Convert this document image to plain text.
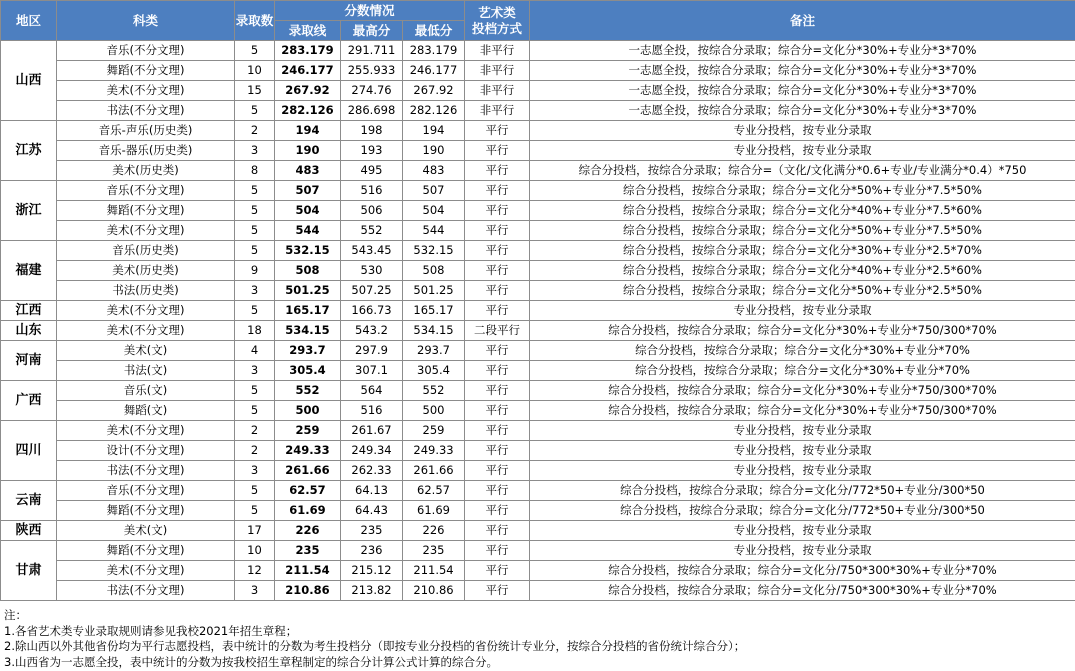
地区	科类	录取数	分数情况			艺术类
投档方式	备注
			录取线	最高分	最低分		
山西	音乐(不分文理)	5	283.179	291.711	283.179	非平行	一志愿全投，按综合分录取；综合分=文化分*30%+专业分*3*70%
	舞蹈(不分文理)	10	246.177	255.933	246.177	非平行	一志愿全投，按综合分录取；综合分=文化分*30%+专业分*3*70%
	美术(不分文理)	15	267.92	274.76	267.92	非平行	一志愿全投，按综合分录取；综合分=文化分*30%+专业分*3*70%
	书法(不分文理)	5	282.126	286.698	282.126	非平行	一志愿全投，按综合分录取；综合分=文化分*30%+专业分*3*70%
江苏	音乐-声乐(历史类)	2	194	198	194	平行	专业分投档，按专业分录取
	音乐-器乐(历史类)	3	190	193	190	平行	专业分投档，按专业分录取
	美术(历史类)	8	483	495	483	平行	综合分投档，按综合分录取；综合分=（文化/文化满分*0.6+专业/专业满分*0.4）*750
浙江	音乐(不分文理)	5	507	516	507	平行	综合分投档，按综合分录取；综合分=文化分*50%+专业分*7.5*50%
	舞蹈(不分文理)	5	504	506	504	平行	综合分投档，按综合分录取；综合分=文化分*40%+专业分*7.5*60%
	美术(不分文理)	5	544	552	544	平行	综合分投档，按综合分录取；综合分=文化分*50%+专业分*7.5*50%
福建	音乐(历史类)	5	532.15	543.45	532.15	平行	综合分投档，按综合分录取；综合分=文化分*30%+专业分*2.5*70%
	美术(历史类)	9	508	530	508	平行	综合分投档，按综合分录取；综合分=文化分*40%+专业分*2.5*60%
	书法(历史类)	3	501.25	507.25	501.25	平行	综合分投档，按综合分录取；综合分=文化分*50%+专业分*2.5*50%
江西	美术(不分文理)	5	165.17	166.73	165.17	平行	专业分投档，按专业分录取
山东	美术(不分文理)	18	534.15	543.2	534.15	二段平行	综合分投档，按综合分录取；综合分=文化分*30%+专业分*750/300*70%
河南	美术(文)	4	293.7	297.9	293.7	平行	综合分投档，按综合分录取；综合分=文化分*30%+专业分*70%
	书法(文)	3	305.4	307.1	305.4	平行	综合分投档，按综合分录取；综合分=文化分*30%+专业分*70%
广西	音乐(文)	5	552	564	552	平行	综合分投档，按综合分录取；综合分=文化分*30%+专业分*750/300*70%
	舞蹈(文)	5	500	516	500	平行	综合分投档，按综合分录取；综合分=文化分*30%+专业分*750/300*70%
四川	美术(不分文理)	2	259	261.67	259	平行	专业分投档，按专业分录取
	设计(不分文理)	2	249.33	249.34	249.33	平行	专业分投档，按专业分录取
	书法(不分文理)	3	261.66	262.33	261.66	平行	专业分投档，按专业分录取
云南	音乐(不分文理)	5	62.57	64.13	62.57	平行	综合分投档，按综合分录取；综合分=文化分/772*50+专业分/300*50
	舞蹈(不分文理)	5	61.69	64.43	61.69	平行	综合分投档，按综合分录取；综合分=文化分/772*50+专业分/300*50
陕西	美术(文)	17	226	235	226	平行	专业分投档，按专业分录取
甘肃	舞蹈(不分文理)	10	235	236	235	平行	专业分投档，按专业分录取
	美术(不分文理)	12	211.54	215.12	211.54	平行	综合分投档，按综合分录取；综合分=文化分/750*300*30%+专业分*70%
	书法(不分文理)	3	210.86	213.82	210.86	平行	综合分投档，按综合分录取；综合分=文化分/750*300*30%+专业分*70%
注：
1.各省艺术类专业录取规则请参见我校2021年招生章程；
2.除山西以外其他省份均为平行志愿投档，表中统计的分数为考生投档分（即按专业分投档的省份统计专业分，按综合分投档的省份统计综合分）；
3.山西省为一志愿全投，表中统计的分数为按我校招生章程制定的综合分计算公式计算的综合分。
